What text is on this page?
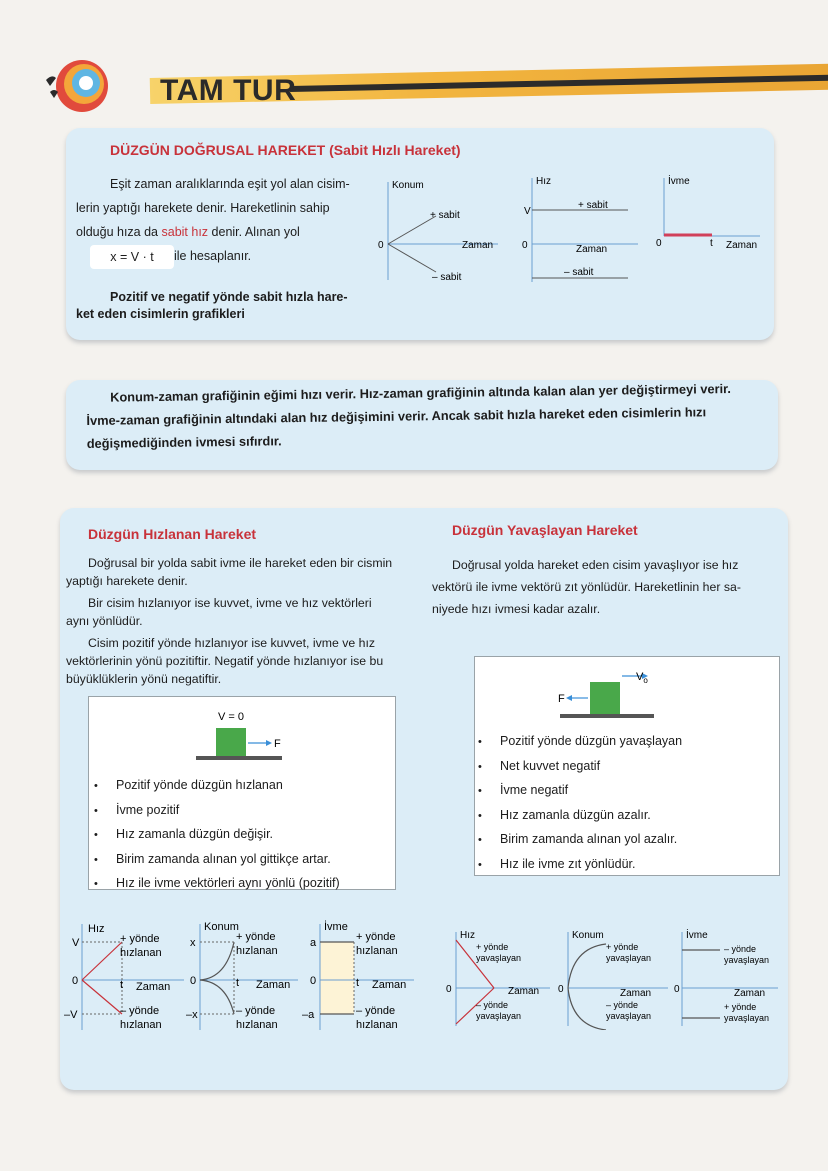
TAM TUR
DÜZGÜN DOĞRUSAL HAREKET (Sabit Hızlı Hareket)
Eşit zaman aralıklarında eşit yol alan cisim-
lerin yaptığı harekete denir. Hareketlinin sahip
olduğu hıza da sabit hız denir. Alınan yol
x = V · t	ile hesaplanır.
Pozitif ve negatif yönde sabit hızla hare-
ket eden cisimlerin grafikleri
Konum
0
+ sabit
Zaman
– sabit
Hız
V
0
+ sabit
Zaman
– sabit
İvme
0	t Zaman
Konum-zaman grafiğinin eğimi hızı verir. Hız-zaman grafiğinin altında kalan alan yer değiştirmeyi verir.
İvme-zaman grafiğinin altındaki alan hız değişimini verir. Ancak sabit hızla hareket eden cisimlerin hızı
değişmediğinden ivmesi sıfırdır.
Düzgün Hızlanan Hareket
Doğrusal bir yolda sabit ivme ile hareket eden bir cismin
yaptığı harekete denir.
Bir cisim hızlanıyor ise kuvvet, ivme ve hız vektörleri
aynı yönlüdür.
Cisim pozitif yönde hızlanıyor ise kuvvet, ivme ve hız
vektörlerinin yönü pozitiftir. Negatif yönde hızlanıyor ise bu
büyüklüklerin yönü negatiftir.
V = 0
F
• Pozitif yönde düzgün hızlanan
• İvme pozitif
• Hız zamanla düzgün değişir.
• Birim zamanda alınan yol gittikçe artar.
• Hız ile ivme vektörleri aynı yönlü (pozitif)
Düzgün Yavaşlayan Hareket
Doğrusal yolda hareket eden cisim yavaşlıyor ise hız
vektörü ile ivme vektörü zıt yönlüdür. Hareketlinin her sa-
niyede hızı ivmesi kadar azalır.
$V_o$
F
• Pozitif yönde düzgün yavaşlayan
• Net kuvvet negatif
• İvme negatif
• Hız zamanla düzgün azalır.
• Birim zamanda alınan yol azalır.
• Hız ile ivme zıt yönlüdür.
Hız
V
0
–V
+ yönde
hızlanan
t Zaman
– yönde
hızlanan
Konum
x
0
–x
+ yönde
hızlanan
t Zaman
– yönde
hızlanan
İvme
a
0
–a
+ yönde
hızlanan
t Zaman
– yönde
hızlanan
Hız
0
+ yönde
yavaşlayan
Zaman
– yönde
yavaşlayan
Konum
0
+ yönde
yavaşlayan
Zaman
– yönde
yavaşlayan
İvme
0
– yönde
yavaşlayan
Zaman
+ yönde
yavaşlayan
